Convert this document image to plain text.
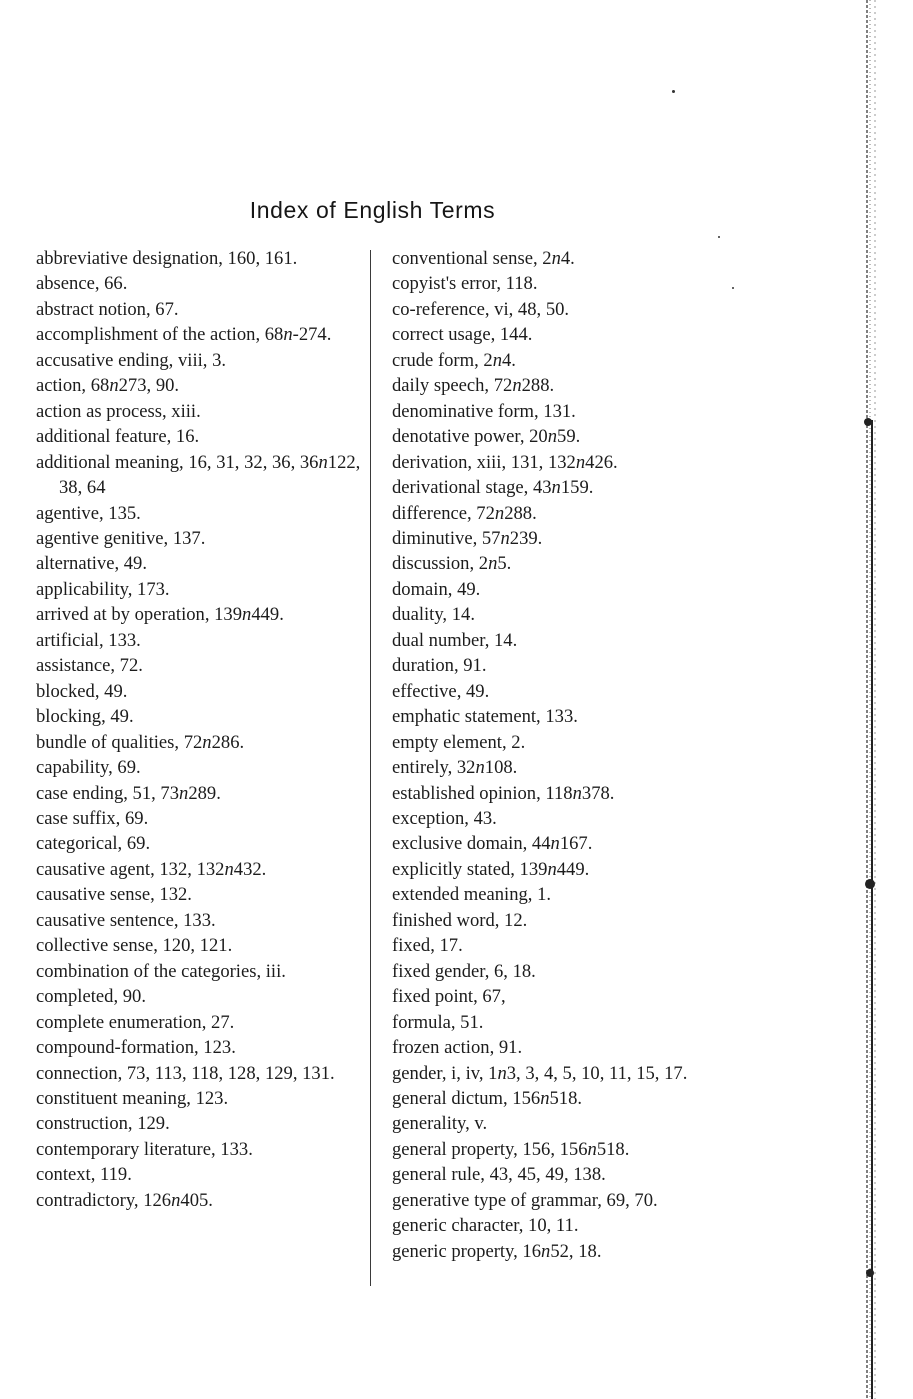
Index of English Terms
abbreviative designation, 160, 161.
absence, 66.
abstract notion, 67.
accomplishment of the action, 68n-274.
accusative ending, viii, 3.
action, 68n273, 90.
action as process, xiii.
additional feature, 16.
additional meaning, 16, 31, 32, 36, 36n122, 38, 64
agentive, 135.
agentive genitive, 137.
alternative, 49.
applicability, 173.
arrived at by operation, 139n449.
artificial, 133.
assistance, 72.
blocked, 49.
blocking, 49.
bundle of qualities, 72n286.
capability, 69.
case ending, 51, 73n289.
case suffix, 69.
categorical, 69.
causative agent, 132, 132n432.
causative sense, 132.
causative sentence, 133.
collective sense, 120, 121.
combination of the categories, iii.
completed, 90.
complete enumeration, 27.
compound-formation, 123.
connection, 73, 113, 118, 128, 129, 131.
constituent meaning, 123.
construction, 129.
contemporary literature, 133.
context, 119.
contradictory, 126n405.
conventional sense, 2n4.
copyist's error, 118.
co-reference, vi, 48, 50.
correct usage, 144.
crude form, 2n4.
daily speech, 72n288.
denominative form, 131.
denotative power, 20n59.
derivation, xiii, 131, 132n426.
derivational stage, 43n159.
difference, 72n288.
diminutive, 57n239.
discussion, 2n5.
domain, 49.
duality, 14.
dual number, 14.
duration, 91.
effective, 49.
emphatic statement, 133.
empty element, 2.
entirely, 32n108.
established opinion, 118n378.
exception, 43.
exclusive domain, 44n167.
explicitly stated, 139n449.
extended meaning, 1.
finished word, 12.
fixed, 17.
fixed gender, 6, 18.
fixed point, 67,
formula, 51.
frozen action, 91.
gender, i, iv, 1n3, 3, 4, 5, 10, 11, 15, 17.
general dictum, 156n518.
generality, v.
general property, 156, 156n518.
general rule, 43, 45, 49, 138.
generative type of grammar, 69, 70.
generic character, 10, 11.
generic property, 16n52, 18.
